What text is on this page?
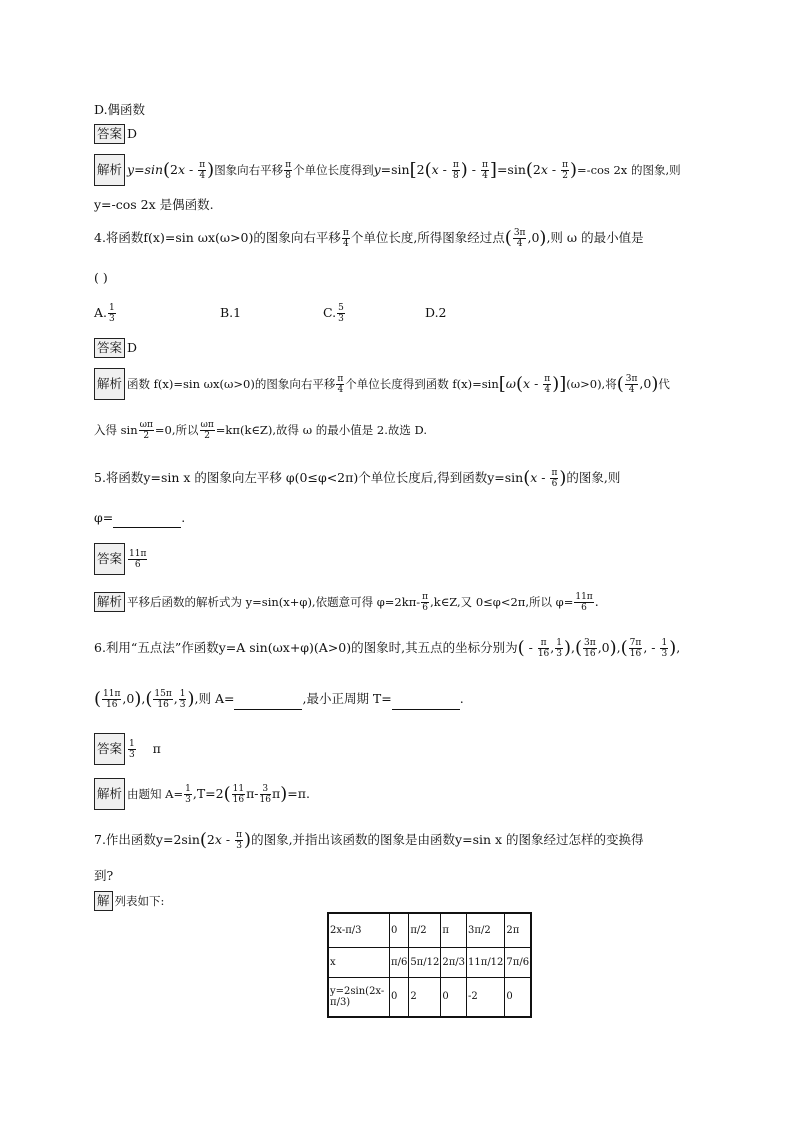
D.偶函数
答案 D
解析 $y=\sin(2x - \frac{\pi}{4}$ )图象向右平移 $\frac{\pi}{8}$ 个单位长度得到$y=\sin[2(x - \frac{\pi}{8}$ ) - $\frac{\pi}{4} ]=\sin(2x - \frac{\pi}{2} )=-\cos$ 2x 的图象,则
y=-cos 2x 是偶函数.
4.将函数f(x)=sin ωx(ω>0)的图象向右平移 $\frac{\pi}{4}$ 个单位长度,所得图象经过点( $\frac{3\pi}{4} ,0$),则 ω 的最小值是
( )
A. $\frac{1}{3}$	B.1	C. $\frac{5}{3}$	D.2
答案 D
解析 函数 f(x)=sin ωx(ω>0)的图象向右平移 $\frac{\pi}{4}$ 个单位长度得到函数 $f(x)=\sin[\omega(x - \frac{\pi}{4} )](\omega>0)$,将( $\frac{3\pi}{4} ,0$)代
入得 $\sin \frac{\omega\pi}{2} =0$,所以 $\frac{\omega\pi}{2}$ =kπ(k∈Z),故得 ω 的最小值是 2.故选 D.
5.将函数y=sin x 的图象向左平移 φ(0≤φ<2π)个单位长度后,得到函数$y=\sin(x - \frac{\pi}{6}$ )的图象,则
φ=	.
答案 $\frac{11\pi}{6}$
解析 平移后函数的解析式为 y=sin(x+φ),依题意可得 $\varphi=2k\pi- \frac{\pi}{6}$ ,k∈Z,又 0≤φ<2π,所以 $\varphi= \frac{11\pi}{6}$ .
6.利用“五点法”作函数y=A sin(ωx+φ)(A>0)的图象时,其五点的坐标分别为( - $\frac{\pi}{16}$ , $\frac{1}{3}$ ),( $\frac{3\pi}{16} ,0),( \frac{7\pi}{16}$ , - $\frac{1}{3}$ ),
( $\frac{11\pi}{16} ,0),( \frac{15\pi}{16}$ , $\frac{1}{3}$ ),则 A=	,最小正周期 T=	.
答案 $\frac{1}{3}$ π
解析 由题知 $A= \frac{1}{3} ,T=2( \frac{11}{16} \pi- \frac{3}{16} \pi)=\pi$.
7.作出函数$y=2\sin(2x - \frac{\pi}{3}$ )的图象,并指出该函数的图象是由函数y=sin x 的图象经过怎样的变换得
到?
解 列表如下:
2x-π/3	0	π/2	π	3π/2	2π
x	π/6	5π/12	2π/3	11π/12	7π/6
y=2sin(2x-π/3)	0	2	0	-2	0
